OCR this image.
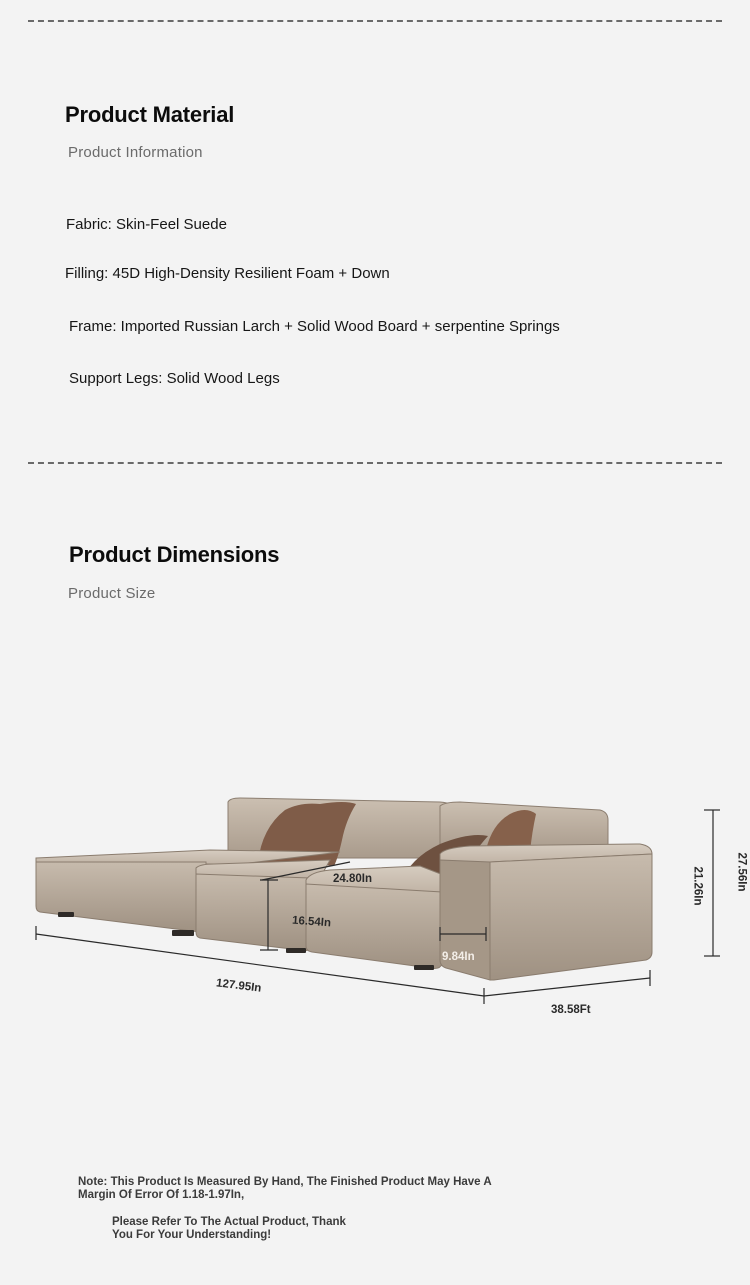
Product Material
Product Information
Fabric: Skin-Feel Suede
Filling: 45D High-Density Resilient Foam + Down
Frame: Imported Russian Larch + Solid Wood Board + serpentine Springs
Support Legs: Solid Wood Legs
Product Dimensions
Product Size
24.80In
16.54In
9.84In
127.95In
38.58Ft
21.26In	27.56In
Note: This Product Is Measured By Hand, The Finished Product May Have A Margin Of Error Of 1.18-1.97In,
Please Refer To The Actual Product, Thank You For Your Understanding!
